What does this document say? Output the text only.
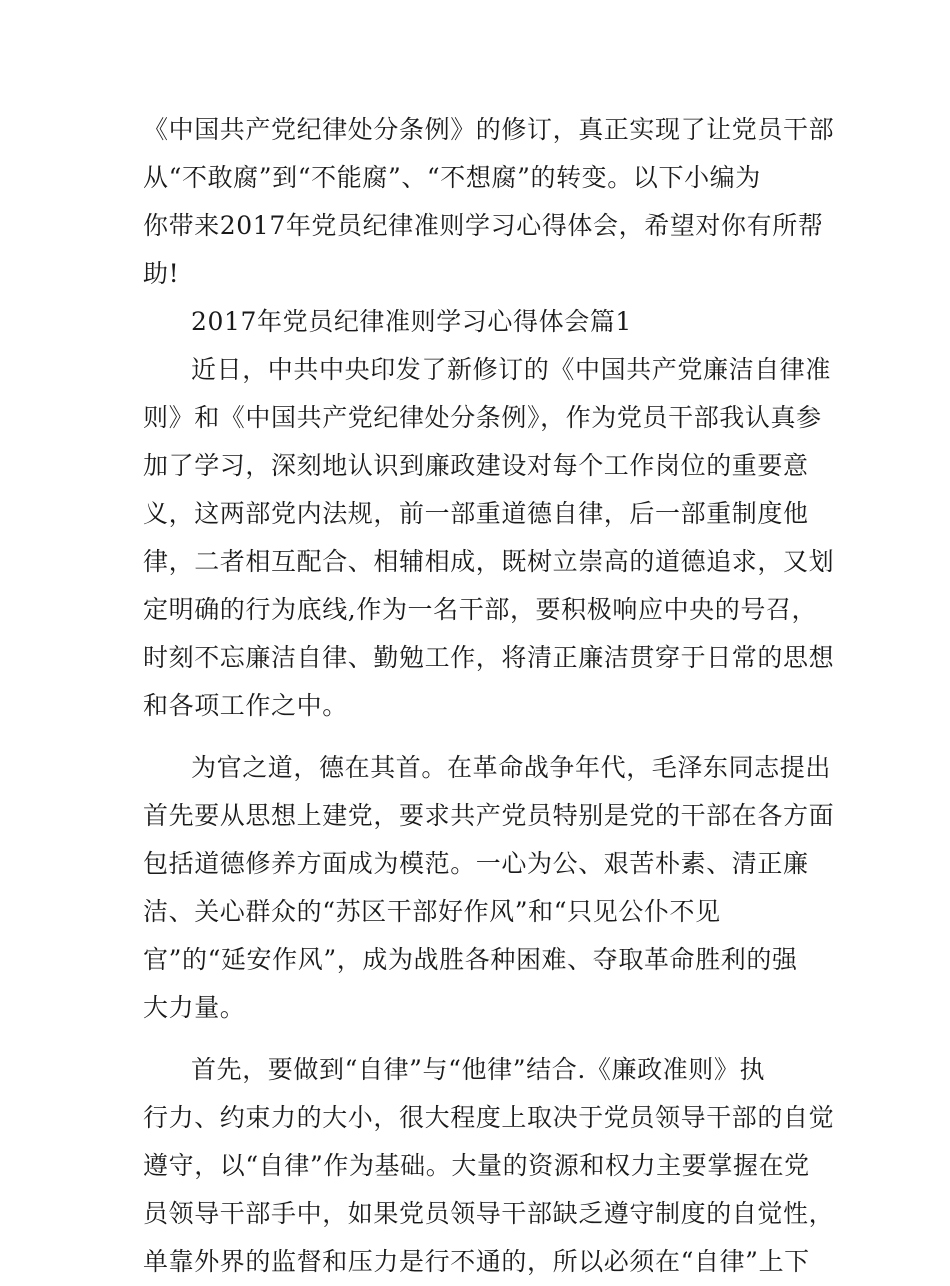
《中国共产党纪律处分条例》的修订，真正实现了让党员干部
从“不敢腐”到“不能腐”、“不想腐”的转变。以下小编为
你带来2017年党员纪律准则学习心得体会，希望对你有所帮
助!
2017年党员纪律准则学习心得体会篇1
近日，中共中央印发了新修订的《中国共产党廉洁自律准
则》和《中国共产党纪律处分条例》，作为党员干部我认真参
加了学习，深刻地认识到廉政建设对每个工作岗位的重要意
义，这两部党内法规，前一部重道德自律，后一部重制度他
律，二者相互配合、相辅相成，既树立崇高的道德追求，又划
定明确的行为底线,作为一名干部，要积极响应中央的号召，
时刻不忘廉洁自律、勤勉工作，将清正廉洁贯穿于日常的思想
和各项工作之中。
为官之道，德在其首。在革命战争年代，毛泽东同志提出
首先要从思想上建党，要求共产党员特别是党的干部在各方面
包括道德修养方面成为模范。一心为公、艰苦朴素、清正廉
洁、关心群众的“苏区干部好作风”和“只见公仆不见
官”的“延安作风”，成为战胜各种困难、夺取革命胜利的强
大力量。
首先，要做到“自律”与“他律”结合.《廉政准则》执
行力、约束力的大小，很大程度上取决于党员领导干部的自觉
遵守，以“自律”作为基础。大量的资源和权力主要掌握在党
员领导干部手中，如果党员领导干部缺乏遵守制度的自觉性，
单靠外界的监督和压力是行不通的，所以必须在“自律”上下
